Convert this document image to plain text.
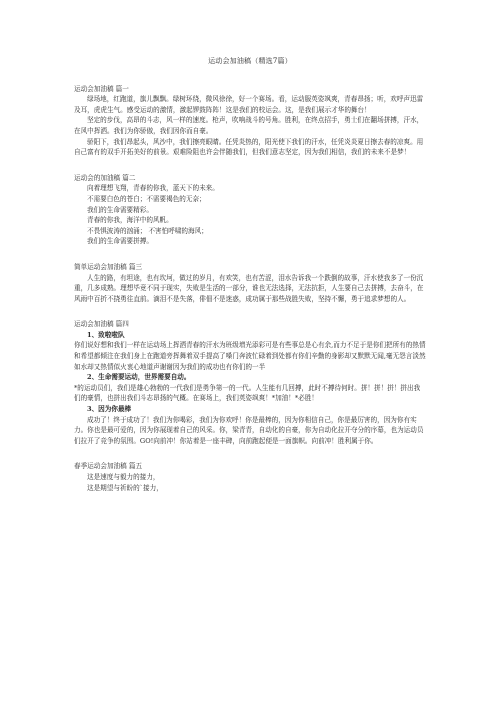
运动会加油稿（精选7篇）

运动会加油稿 篇一

绿场地，红跑道，旗儿飘飘。绿树环绕，微风徐徐，好一个赛场。看，运动服英姿飒爽，青春昂扬；听，欢呼声迅雷及耳，虎虎生气。感受运动的激情，激起锣鼓阵阵！这是我们的校运会。这，是我们展示才华的舞台！

坚定的步伐，高昂的斗志，风一样的速度。枪声，吹响战斗的号角。胜利，在终点招手，勇士们在翻场拼搏，汗水，在风中挥洒。我们为你骄傲，我们因你而自豪。

骄阳下，我们昂起头，风沙中，我们擦亮眼睛。任凭炎热的，阳光使下我们的汗水，任凭炎炎夏日擦去春的凉爽。用自己富有的双手开拓美好的前景。艰难险阻也许会伴随我们，但我们意志坚定，因为我们相信，我们的未来不是梦！

运动会的加油稿 篇二

向着理想飞翔，青春的你我，蓝天下的未来。

不需要白色的苍白；不需要褐色的无奈；

我们的生命需要精彩。

青春的你我，海洋中的风帆。

不畏惧波涛的汹涌； 不害怕呼啸的海风；

我们的生命需要拼搏。

简单运动会加油稿 篇三

人生的路，有坦途，也有坎坷，做过的岁月，有欢笑，也有苦涩，泪水告诉我一个跌倒的故事，汗水使我多了一份沉重，几多成熟。理想毕竟不同于现实，失败是生活的一部分，谁也无法选择，无法抗拒，人生要自己去拼搏，去奋斗，在风雨中百折不挠勇往直前。滴泪不是失落，俳佃不是迷惑，成功属于那些战胜失败，坚持不懈，勇于追求梦想的人。

运动会加油稿 篇四

1、致啦啦队

你们说好想和我们一样在运动场上挥洒青春的汗水为班级增光添彩可是有些事总是心有余,而力不足于是你们把所有的热情和希望都倾注在我们身上在跑道旁挥舞着双手提高了嗓门奔波忙碌着到处都有你们辛勤的身影却又默默无闻,毫无怨言淡然如水却又热情似火衷心地道声谢谢因为我们的成功也有你们的一半

2、生命需要运动，世界需要自动。

*的运动员们，我们是雄心勃勃的一代我们是勇争第一的一代。人生能有几回搏，此时不搏待何时。拼！拼！拼！拼出我们的豪情，也拼出我们斗志昂扬的气概。在赛场上，我们英姿飒爽！*加油！*必胜！

3、因为你最棒

成功了！终于成功了！我们为你喝彩，我们为你欢呼！你是最棒的，因为你相信自己，你是最厉害的，因为你有实力。你也是最可爱的，因为你展现着自己的风采。你，梁青青，自动化的自豪，你为自动化拉开夺分的序幕，也为运动员们拉开了竞争的氛围。GO!向前冲！你站着是一座丰碑，向前跑起便是一面旗帜。向前冲！胜利属于你。

春季运动会加油稿 篇五

这是速度与毅力的接力，

这是期望与祈盼的`接力，
